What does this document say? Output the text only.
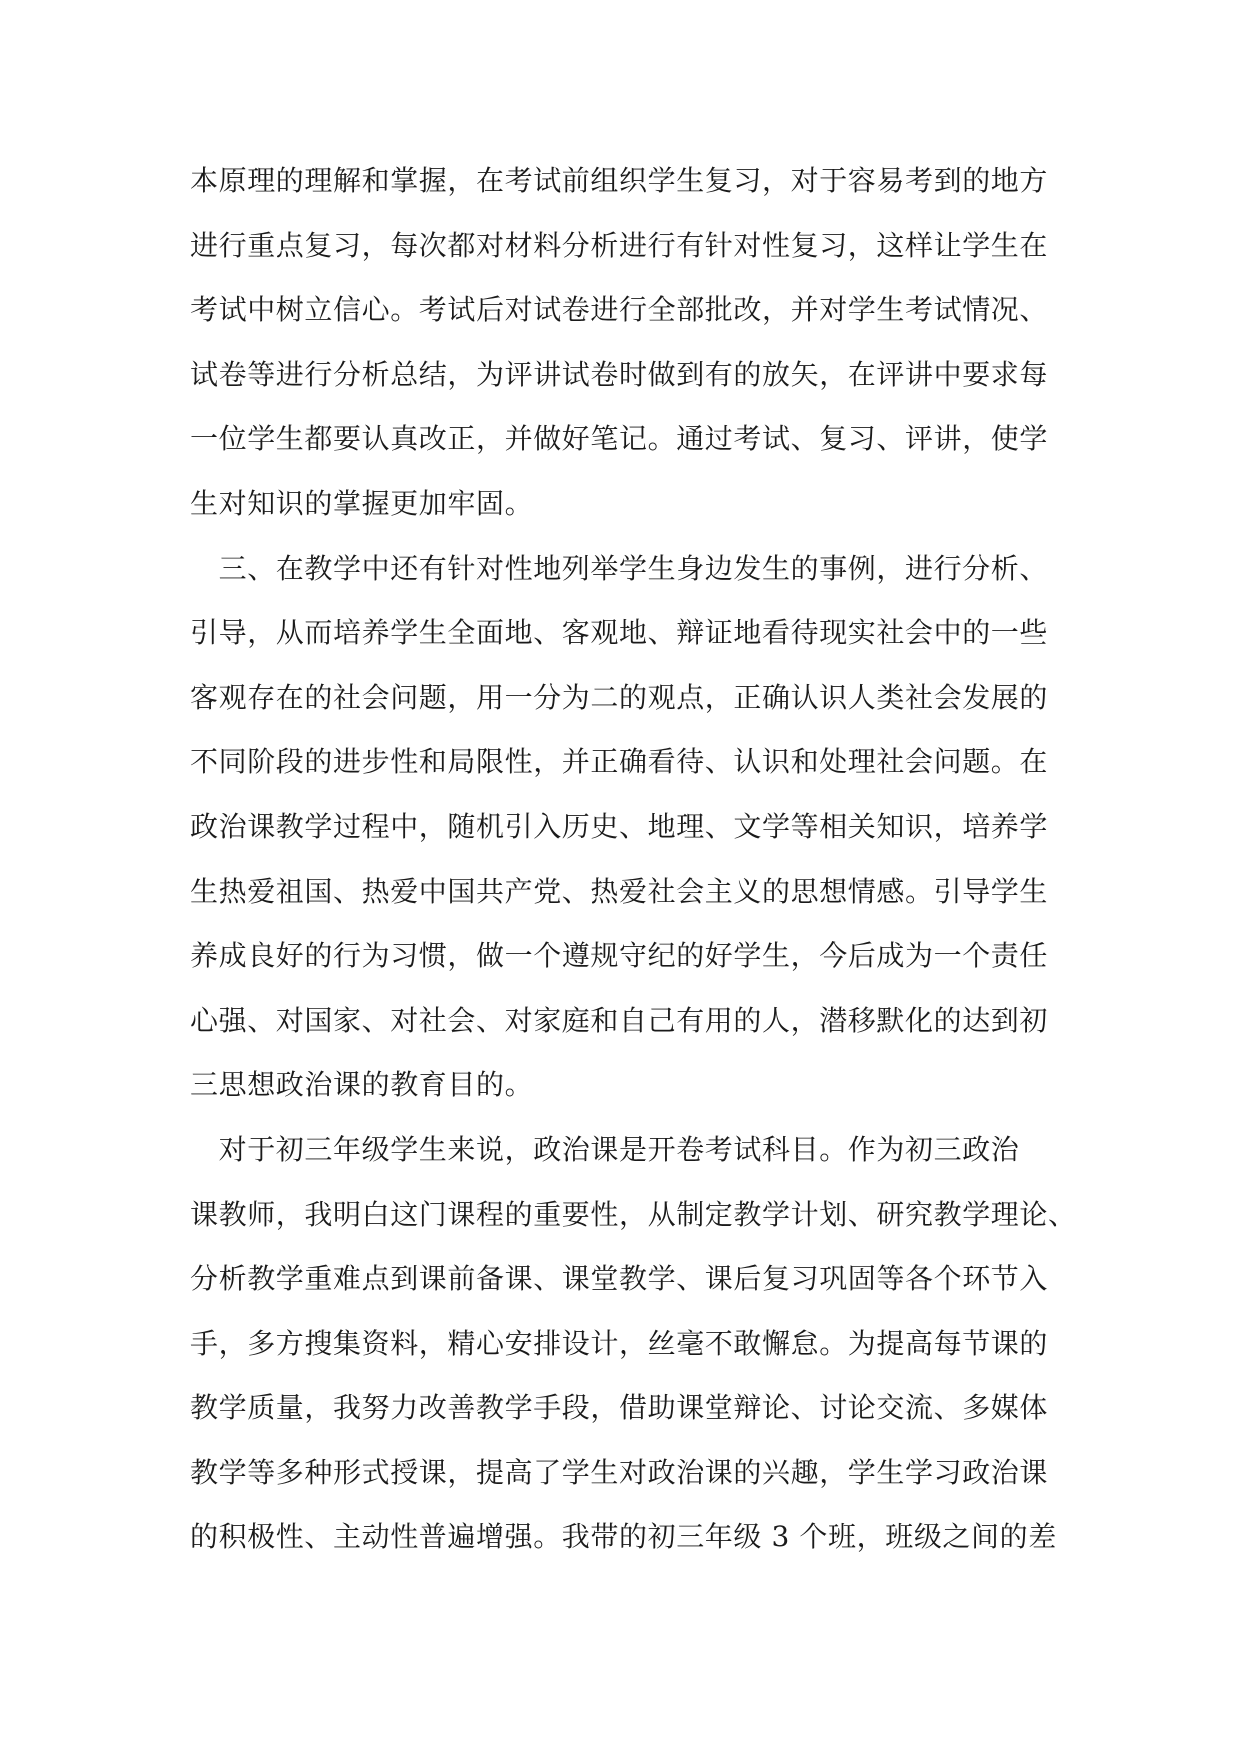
本原理的理解和掌握，在考试前组织学生复习，对于容易考到的地方
进行重点复习，每次都对材料分析进行有针对性复习，这样让学生在
考试中树立信心。考试后对试卷进行全部批改，并对学生考试情况、
试卷等进行分析总结，为评讲试卷时做到有的放矢，在评讲中要求每
一位学生都要认真改正，并做好笔记。通过考试、复习、评讲，使学
生对知识的掌握更加牢固。
　三、在教学中还有针对性地列举学生身边发生的事例，进行分析、
引导，从而培养学生全面地、客观地、辩证地看待现实社会中的一些
客观存在的社会问题，用一分为二的观点，正确认识人类社会发展的
不同阶段的进步性和局限性，并正确看待、认识和处理社会问题。在
政治课教学过程中，随机引入历史、地理、文学等相关知识，培养学
生热爱祖国、热爱中国共产党、热爱社会主义的思想情感。引导学生
养成良好的行为习惯，做一个遵规守纪的好学生，今后成为一个责任
心强、对国家、对社会、对家庭和自己有用的人，潜移默化的达到初
三思想政治课的教育目的。
　对于初三年级学生来说，政治课是开卷考试科目。作为初三政治
课教师，我明白这门课程的重要性，从制定教学计划、研究教学理论、
分析教学重难点到课前备课、课堂教学、课后复习巩固等各个环节入
手，多方搜集资料，精心安排设计，丝毫不敢懈怠。为提高每节课的
教学质量，我努力改善教学手段，借助课堂辩论、讨论交流、多媒体
教学等多种形式授课，提高了学生对政治课的兴趣，学生学习政治课
的积极性、主动性普遍增强。我带的初三年级 3 个班，班级之间的差
